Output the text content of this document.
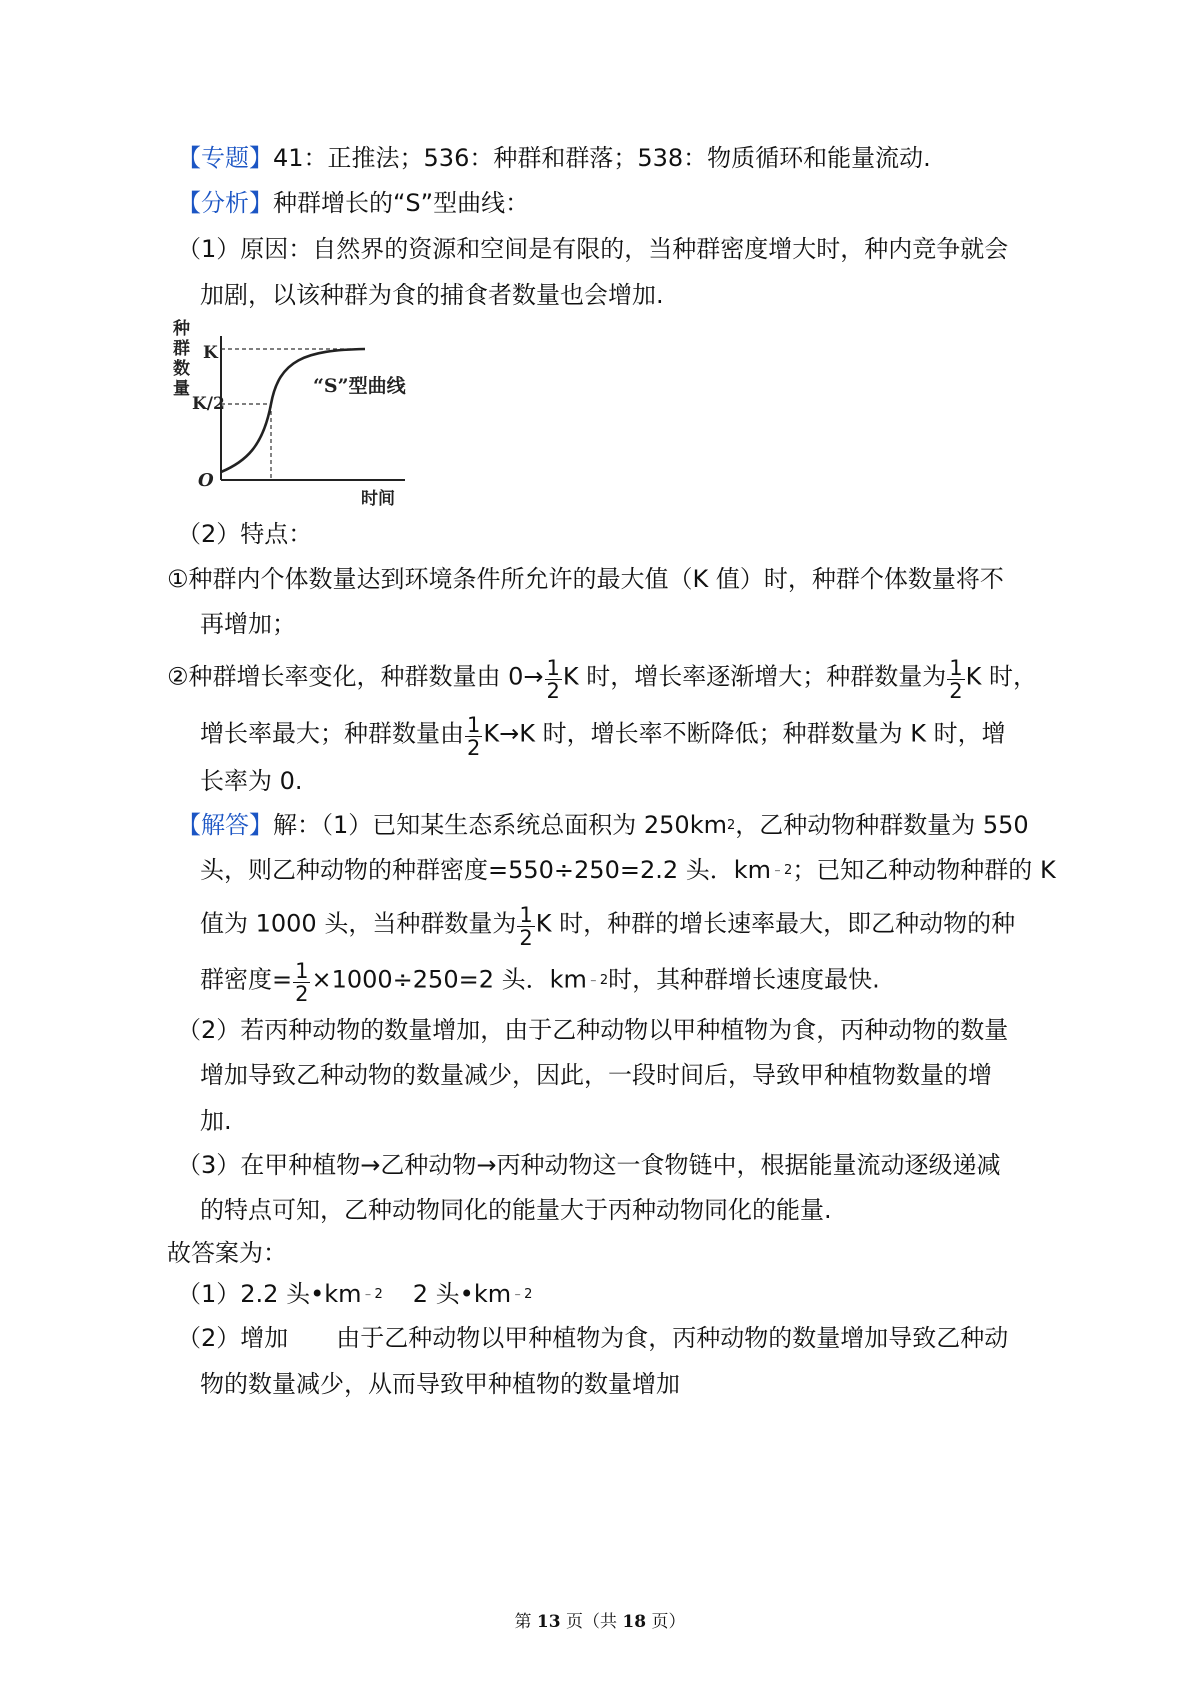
【专题】41：正推法；536：种群和群落；538：物质循环和能量流动.
【分析】种群增长的“S”型曲线：
（1）原因：自然界的资源和空间是有限的，当种群密度增大时，种内竞争就会
加剧，以该种群为食的捕食者数量也会增加.
种
群
数
量
K
K/2
O
时间
“S”型曲线
（2）特点：
①种群内个体数量达到环境条件所允许的最大值（K 值）时，种群个体数量将不
再增加；
②种群增长率变化，种群数量由 $0\to \frac{1}{2}$ K 时，增长率逐渐增大；种群数量为 $\frac{1}{2}$ K 时，
增长率最大；种群数量由 $\frac{1}{2} K\to K$ 时，增长率不断降低；种群数量为 K 时，增
长率为 0.
【解答】解：（1）已知某生态系统总面积为 $250km^2$，乙种动物种群数量为 550
头，则乙种动物的种群密度=550÷250=2.2 头．$km^{﹣2}$；已知乙种动物种群的 K
值为 1000 头，当种群数量为 $\frac{1}{2}$ K 时，种群的增长速率最大，即乙种动物的种
群密度= $\frac{1}{2} \times 1000\div 250=2$ 头．$km^{﹣2}$时，其种群增长速度最快.
（2）若丙种动物的数量增加，由于乙种动物以甲种植物为食，丙种动物的数量
增加导致乙种动物的数量减少，因此，一段时间后，导致甲种植物数量的增
加.
（3）在甲种植物→乙种动物→丙种动物这一食物链中，根据能量流动逐级递减
的特点可知，乙种动物同化的能量大于丙种动物同化的能量.
故答案为：
（1）2.2 头$•km^{﹣2}$ 2 头$•km^{﹣2}$
（2）增加　　由于乙种动物以甲种植物为食，丙种动物的数量增加导致乙种动
物的数量减少，从而导致甲种植物的数量增加
第 13 页（共 18 页）
